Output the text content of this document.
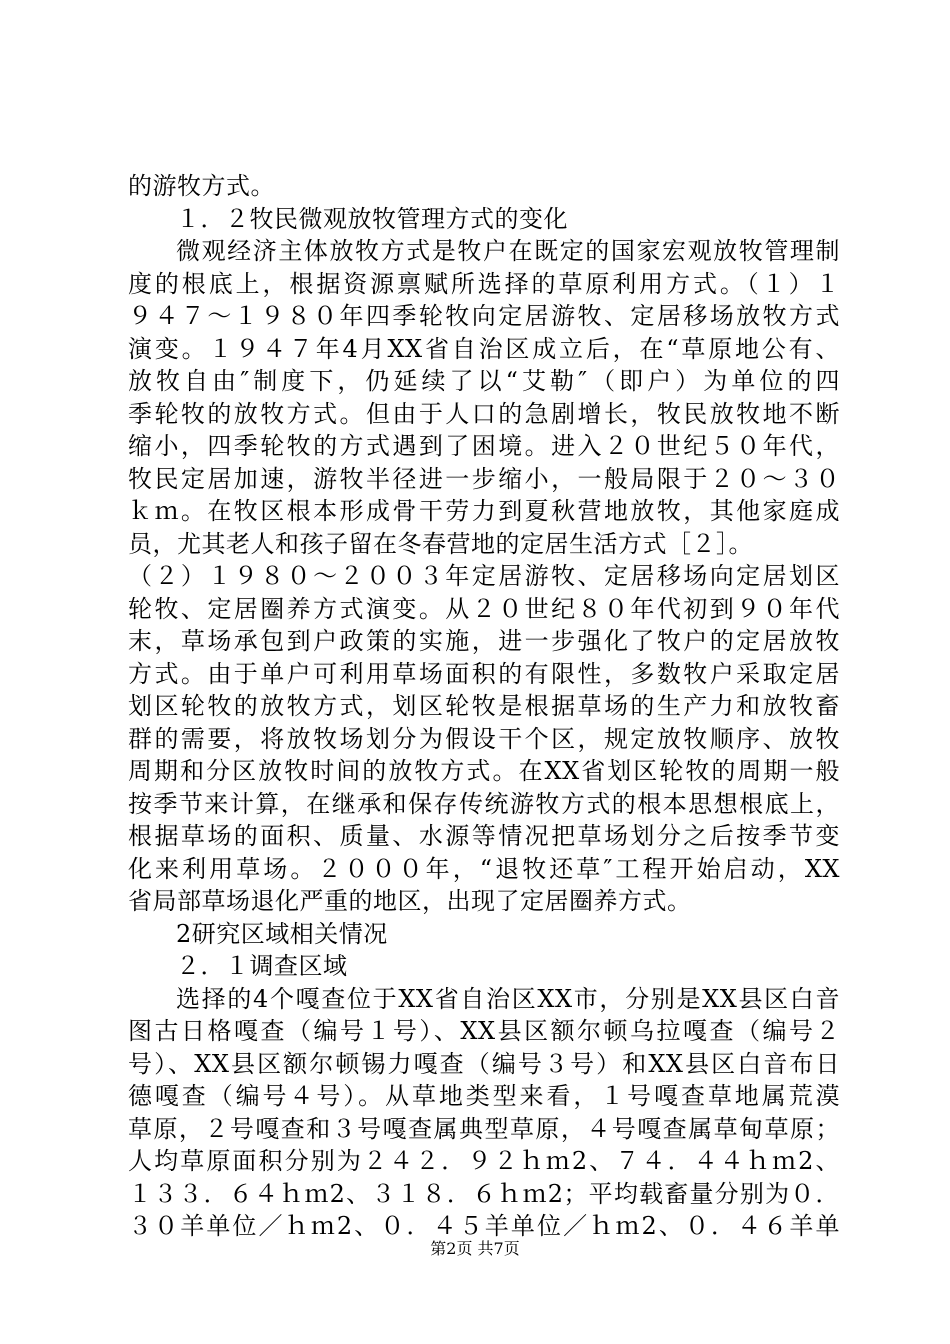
的游牧方式。
１．２牧民微观放牧管理方式的变化
微观经济主体放牧方式是牧户在既定的国家宏观放牧管理制
度的根底上，根据资源禀赋所选择的草原利用方式。（１）１
９４７～１９８０年四季轮牧向定居游牧、定居移场放牧方式
演变。１９４７年4月XX省自治区成立后，在“草原地公有、
放牧自由″制度下，仍延续了以“艾勒″（即户）为单位的四
季轮牧的放牧方式。但由于人口的急剧增长，牧民放牧地不断
缩小，四季轮牧的方式遇到了困境。进入２０世纪５０年代，
牧民定居加速，游牧半径进一步缩小，一般局限于２０～３０
ｋｍ。在牧区根本形成骨干劳力到夏秋营地放牧，其他家庭成
员，尤其老人和孩子留在冬春营地的定居生活方式［２］。
（２）１９８０～２００３年定居游牧、定居移场向定居划区
轮牧、定居圈养方式演变。从２０世纪８０年代初到９０年代
末，草场承包到户政策的实施，进一步强化了牧户的定居放牧
方式。由于单户可利用草场面积的有限性，多数牧户采取定居
划区轮牧的放牧方式，划区轮牧是根据草场的生产力和放牧畜
群的需要，将放牧场划分为假设干个区，规定放牧顺序、放牧
周期和分区放牧时间的放牧方式。在XX省划区轮牧的周期一般
按季节来计算，在继承和保存传统游牧方式的根本思想根底上，
根据草场的面积、质量、水源等情况把草场划分之后按季节变
化来利用草场。２０００年，“退牧还草″工程开始启动，XX
省局部草场退化严重的地区，出现了定居圈养方式。
2研究区域相关情况
２．１调查区域
选择的4个嘎查位于XX省自治区XX市，分别是XX县区白音
图古日格嘎查（编号１号）、XX县区额尔顿乌拉嘎查（编号２
号）、XX县区额尔顿锡力嘎查（编号３号）和XX县区白音布日
德嘎查（编号４号）。从草地类型来看，１号嘎查草地属荒漠
草原，２号嘎查和３号嘎查属典型草原，４号嘎查属草甸草原；
人均草原面积分别为２４２．９２ｈｍ2、７４．４４ｈｍ2、
１３３．６４ｈｍ2、３１８．６ｈｍ2；平均载畜量分别为０．
３０羊单位／ｈｍ2、０．４５羊单位／ｈｍ2、０．４６羊单
第2页 共7页
